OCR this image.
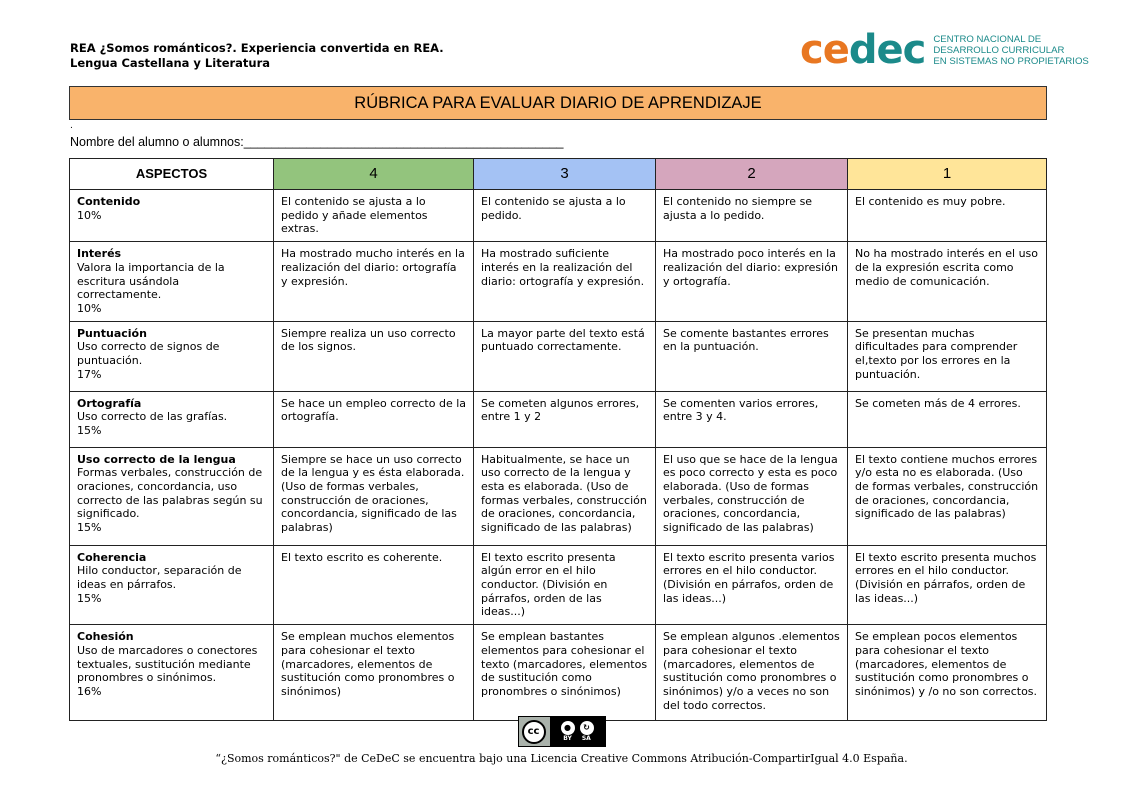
REA ¿Somos románticos?. Experiencia convertida en REA.
Lengua Castellana y Literatura	cedec CENTRO NACIONAL DE
DESARROLLO CURRICULAR
EN SISTEMAS NO PROPIETARIOS
RÚBRICA PARA EVALUAR DIARIO DE APRENDIZAJE
.
Nombre del alumno o alumnos:______________________________________________
ASPECTOS	4	3	2	1

Contenido
10%	El contenido se ajusta a lo pedido y añade elementos extras.	El contenido se ajusta a lo pedido.	El contenido no siempre se ajusta a lo pedido.	El contenido es muy pobre.

Interés
Valora la importancia de la escritura usándola correctamente.
10%	Ha mostrado mucho interés en la realización del diario: ortografía y expresión.	Ha mostrado suficiente interés en la realización del diario: ortografía y expresión.	Ha mostrado poco interés en la realización del diario: expresión y ortografía.	No ha mostrado interés en el uso de la expresión escrita como medio de comunicación.

Puntuación
Uso correcto de signos de puntuación.
17%	Siempre realiza un uso correcto de los signos.	La mayor parte del texto está puntuado correctamente.	Se comente bastantes errores en la puntuación.	Se presentan muchas dificultades para comprender el,texto por los errores en la puntuación.

Ortografía
Uso correcto de las grafías.
15%	Se hace un empleo correcto de la ortografía.	Se cometen algunos errores, entre 1 y 2	Se comenten varios errores, entre 3 y 4.	Se cometen más de 4 errores.

Uso correcto de la lengua
Formas verbales, construcción de oraciones, concordancia, uso correcto de las palabras según su significado.
15%	Siempre se hace un uso correcto de la lengua y es ésta elaborada. (Uso de formas verbales, construcción de oraciones, concordancia, significado de las palabras)	Habitualmente, se hace un uso correcto de la lengua y esta es elaborada. (Uso de formas verbales, construcción de oraciones, concordancia, significado de las palabras)	El uso que se hace de la lengua es poco correcto y esta es poco elaborada. (Uso de formas verbales, construcción de oraciones, concordancia, significado de las palabras)	El texto contiene muchos errores y/o esta no es elaborada. (Uso de formas verbales, construcción de oraciones, concordancia, significado de las palabras)

Coherencia
Hilo conductor, separación de ideas en párrafos.
15%	El texto escrito es coherente.	El texto escrito presenta algún error en el hilo conductor. (División en párrafos, orden de las ideas...)	El texto escrito presenta varios errores en el hilo conductor. (División en párrafos, orden de las ideas...)	El texto escrito presenta muchos errores en el hilo conductor. (División en párrafos, orden de las ideas...)

Cohesión
Uso de marcadores o conectores textuales, sustitución mediante pronombres o sinónimos.
16%	Se emplean muchos elementos para cohesionar el texto (marcadores, elementos de sustitución como pronombres o sinónimos)	Se emplean bastantes elementos para cohesionar el texto (marcadores, elementos de sustitución como pronombres o sinónimos)	Se emplean algunos .elementos para cohesionar el texto (marcadores, elementos de sustitución como pronombres o sinónimos) y/o a veces no son del todo correctos.	Se emplean pocos elementos para cohesionar el texto (marcadores, elementos de sustitución como pronombres o sinónimos) y /o no son correctos.
cc	●	↻
BY SA
“¿Somos románticos?" de CeDeC se encuentra bajo una Licencia Creative Commons Atribución-CompartirIgual 4.0 España.
